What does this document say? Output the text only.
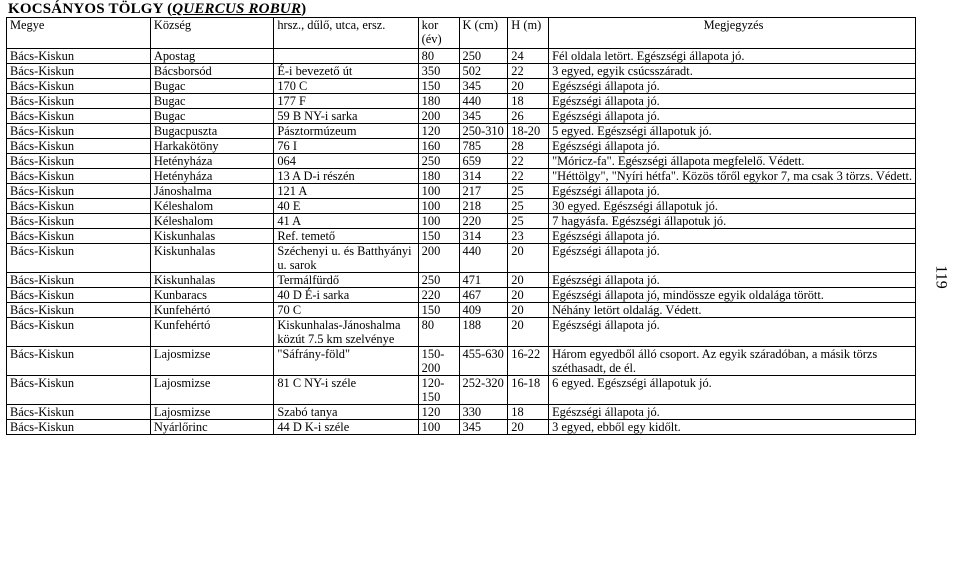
KOCSÁNYOS TÖLGY (QUERCUS ROBUR)
Megye	Község	hrsz., dűlő, utca, ersz.	kor (év)	K (cm)	H (m)	Megjegyzés
Bács-Kiskun	Apostag		80	250	24	Fél oldala letört. Egészségi állapota jó.
Bács-Kiskun	Bácsborsód	É-i bevezető út	350	502	22	3 egyed, egyik csúcsszáradt.
Bács-Kiskun	Bugac	170 C	150	345	20	Egészségi állapota jó.
Bács-Kiskun	Bugac	177 F	180	440	18	Egészségi állapota jó.
Bács-Kiskun	Bugac	59 B NY-i sarka	200	345	26	Egészségi állapota jó.
Bács-Kiskun	Bugacpuszta	Pásztormúzeum	120	250-310	18-20	5 egyed. Egészségi állapotuk jó.
Bács-Kiskun	Harkakötöny	76 I	160	785	28	Egészségi állapota jó.
Bács-Kiskun	Hetényháza	064	250	659	22	"Móricz-fa". Egészségi állapota megfelelő. Védett.
Bács-Kiskun	Hetényháza	13 A D-i részén	180	314	22	"Héttölgy", "Nyíri hétfa". Közös tőről egykor 7, ma csak 3 törzs. Védett.
Bács-Kiskun	Jánoshalma	121 A	100	217	25	Egészségi állapota jó.
Bács-Kiskun	Kéleshalom	40 E	100	218	25	30 egyed. Egészségi állapotuk jó.
Bács-Kiskun	Kéleshalom	41 A	100	220	25	7 hagyásfa. Egészségi állapotuk jó.
Bács-Kiskun	Kiskunhalas	Ref. temető	150	314	23	Egészségi állapota jó.
Bács-Kiskun	Kiskunhalas	Széchenyi u. és Batthyányi u. sarok	200	440	20	Egészségi állapota jó.
Bács-Kiskun	Kiskunhalas	Termálfürdő	250	471	20	Egészségi állapota jó.
Bács-Kiskun	Kunbaracs	40 D É-i sarka	220	467	20	Egészségi állapota jó, mindössze egyik oldalága törött.
Bács-Kiskun	Kunfehértó	70 C	150	409	20	Néhány letört oldalág. Védett.
Bács-Kiskun	Kunfehértó	Kiskunhalas-Jánoshalma közút 7.5 km szelvénye	80	188	20	Egészségi állapota jó.
Bács-Kiskun	Lajosmizse	"Sáfrány-föld"	150-200	455-630	16-22	Három egyedből álló csoport. Az egyik száradóban, a másik törzs széthasadt, de él.
Bács-Kiskun	Lajosmizse	81 C NY-i széle	120-150	252-320	16-18	6 egyed. Egészségi állapotuk jó.
Bács-Kiskun	Lajosmizse	Szabó tanya	120	330	18	Egészségi állapota jó.
Bács-Kiskun	Nyárlőrinc	44 D K-i széle	100	345	20	3 egyed, ebből egy kidőlt.
119
